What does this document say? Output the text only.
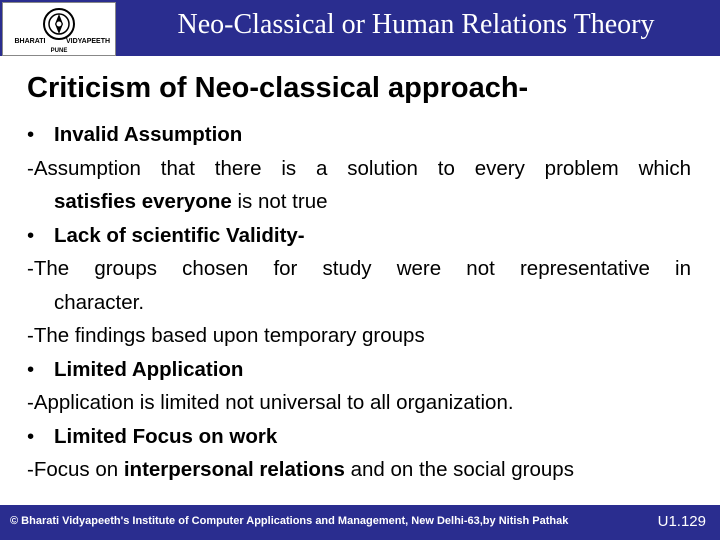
BHARATI	VIDYAPEETH
PUNE
Neo-Classical or Human Relations Theory
Criticism of Neo-classical approach-
• Invalid Assumption
-Assumption that there is a solution to every problem which
satisfies everyone is not true
• Lack of scientific Validity-
-The groups chosen for study were not representative in
character.
-The findings based upon temporary groups
• Limited Application
-Application is limited not universal to all organization.
• Limited Focus on work
-Focus on interpersonal relations and on the social groups
© Bharati Vidyapeeth's Institute of Computer Applications and Management, New Delhi-63,by Nitish Pathak	U1.129
